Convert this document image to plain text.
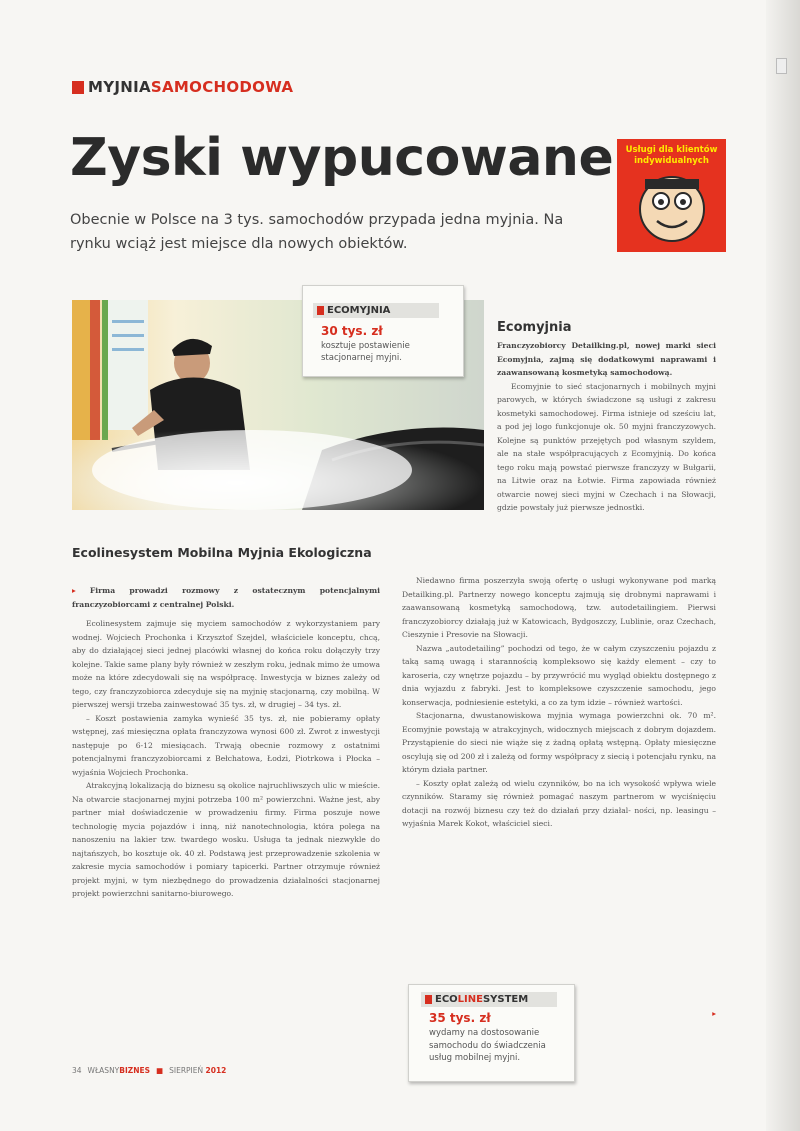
MYJNIA SAMOCHODOWA
Zyski wypucowane
Obecnie w Polsce na 3 tys. samochodów przypada jedna myjnia. Na rynku wciąż jest miejsce dla nowych obiektów.
Usługi dla klientów indywidualnych
ECOMYJNIA
30 tys. zł
kosztuje postawienie stacjonarnej myjni.
Ecomyjnia
Franczyzobiorcy Detailking.pl, nowej marki sieci Ecomyjnia, zajmą się dodatkowymi naprawami i zaawansowaną kosmetyką samochodową.
Ecomyjnie to sieć stacjonarnych i mobilnych myjni parowych, w których świadczone są usługi z zakresu kosmetyki samochodowej. Firma istnieje od sześciu lat, a pod jej logo funkcjonuje ok. 50 myjni franczyzowych. Kolejne są punktów przejętych pod własnym szyldem, ale na stałe współpracujących z Ecomyjnią. Do końca tego roku mają powstać pierwsze franczyzy w Bułgarii, na Litwie oraz na Łotwie. Firma zapowiada również otwarcie nowej sieci myjni w Czechach i na Słowacji, gdzie powstały już pierwsze jednostki.
Niedawno firma poszerzyła swoją ofertę o usługi wykonywane pod marką Detailking.pl. Partnerzy nowego konceptu zajmują się drobnymi naprawami i zaawansowaną kosmetyką samochodową, tzw. autodetailingiem. Pierwsi franczyzobiorcy działają już w Katowicach, Bydgoszczy, Lublinie, oraz Czechach, Cieszynie i Presovie na Słowacji.
Nazwa „autodetailing” pochodzi od tego, że w całym czyszczeniu pojazdu z taką samą uwagą i starannością kompleksowo się każdy element – czy to karoseria, czy wnętrze pojazdu – by przywrócić mu wygląd obiektu dostępnego z dnia wyjazdu z fabryki. Jest to kompleksowe czyszczenie samochodu, jego konserwacja, podniesienie estetyki, a co za tym idzie – również wartości.
Stacjonarna, dwustanowiskowa myjnia wymaga powierzchni ok. 70 m². Ecomyjnie powstają w atrakcyjnych, widocznych miejscach z dobrym dojazdem. Przystąpienie do sieci nie wiąże się z żadną opłatą wstępną. Opłaty miesięczne oscylują się od 200 zł i zależą od formy współpracy z siecią i potencjału rynku, na którym działa partner.
– Koszty opłat zależą od wielu czynników, bo na ich wysokość wpływa wiele czynników. Staramy się również pomagać naszym partnerom w wyciśnięciu dotacji na rozwój biznesu czy też do działań przy działal- ności, np. leasingu – wyjaśnia Marek Kokot, właściciel sieci.
Ecolinesystem Mobilna Myjnia Ekologiczna
▸ Firma prowadzi rozmowy z ostatecznym potencjalnymi franczyzobiorcami z centralnej Polski.
Ecolinesystem zajmuje się myciem samochodów z wykorzystaniem pary wodnej. Wojciech Prochonka i Krzysztof Szejdel, właściciele konceptu, chcą, aby do działającej sieci jednej placówki własnej do końca roku dołączyły trzy kolejne. Takie same plany były również w zeszłym roku, jednak mimo że umowa może na które zdecydowali się na współpracę. Inwestycja w biznes zależy od tego, czy franczyzobiorca zdecyduje się na myjnię stacjonarną, czy mobilną. W pierwszej wersji trzeba zainwestować 35 tys. zł, w drugiej – 34 tys. zł.
– Koszt postawienia zamyka wynieść 35 tys. zł, nie pobieramy opłaty wstępnej, zaś miesięczna opłata franczyzowa wynosi 600 zł. Zwrot z inwestycji następuje po 6-12 miesiącach. Trwają obecnie rozmowy z ostatnimi potencjalnymi franczyzobiorcami z Bełchatowa, Łodzi, Piotrkowa i Płocka – wyjaśnia Wojciech Prochonka.
Atrakcyjną lokalizacją do biznesu są okolice najruchliwszych ulic w mieście. Na otwarcie stacjonarnej myjni potrzeba 100 m² powierzchni. Ważne jest, aby partner miał doświadczenie w prowadzeniu firmy. Firma poszuje nowe technologię mycia pojazdów i inną, niż nanotechnologia, która polega na nanoszeniu na lakier tzw. twardego wosku. Usługa ta jednak niezwykle do najtańszych, bo kosztuje ok. 40 zł. Podstawą jest przeprowadzenie szkolenia w zakresie mycia samochodów i pomiary tapicerki. Partner otrzymuje również projekt myjni, w tym niezbędnego do prowadzenia działalności stacjonarnej projekt powierzchni sanitarno-biurowego.
ECO LINE SYSTEM
35 tys. zł
wydamy na dostosowanie samochodu do świadczenia usług mobilnej myjni.
▸
34 WŁASNYBIZNES ■ SIERPIEŃ 2012
